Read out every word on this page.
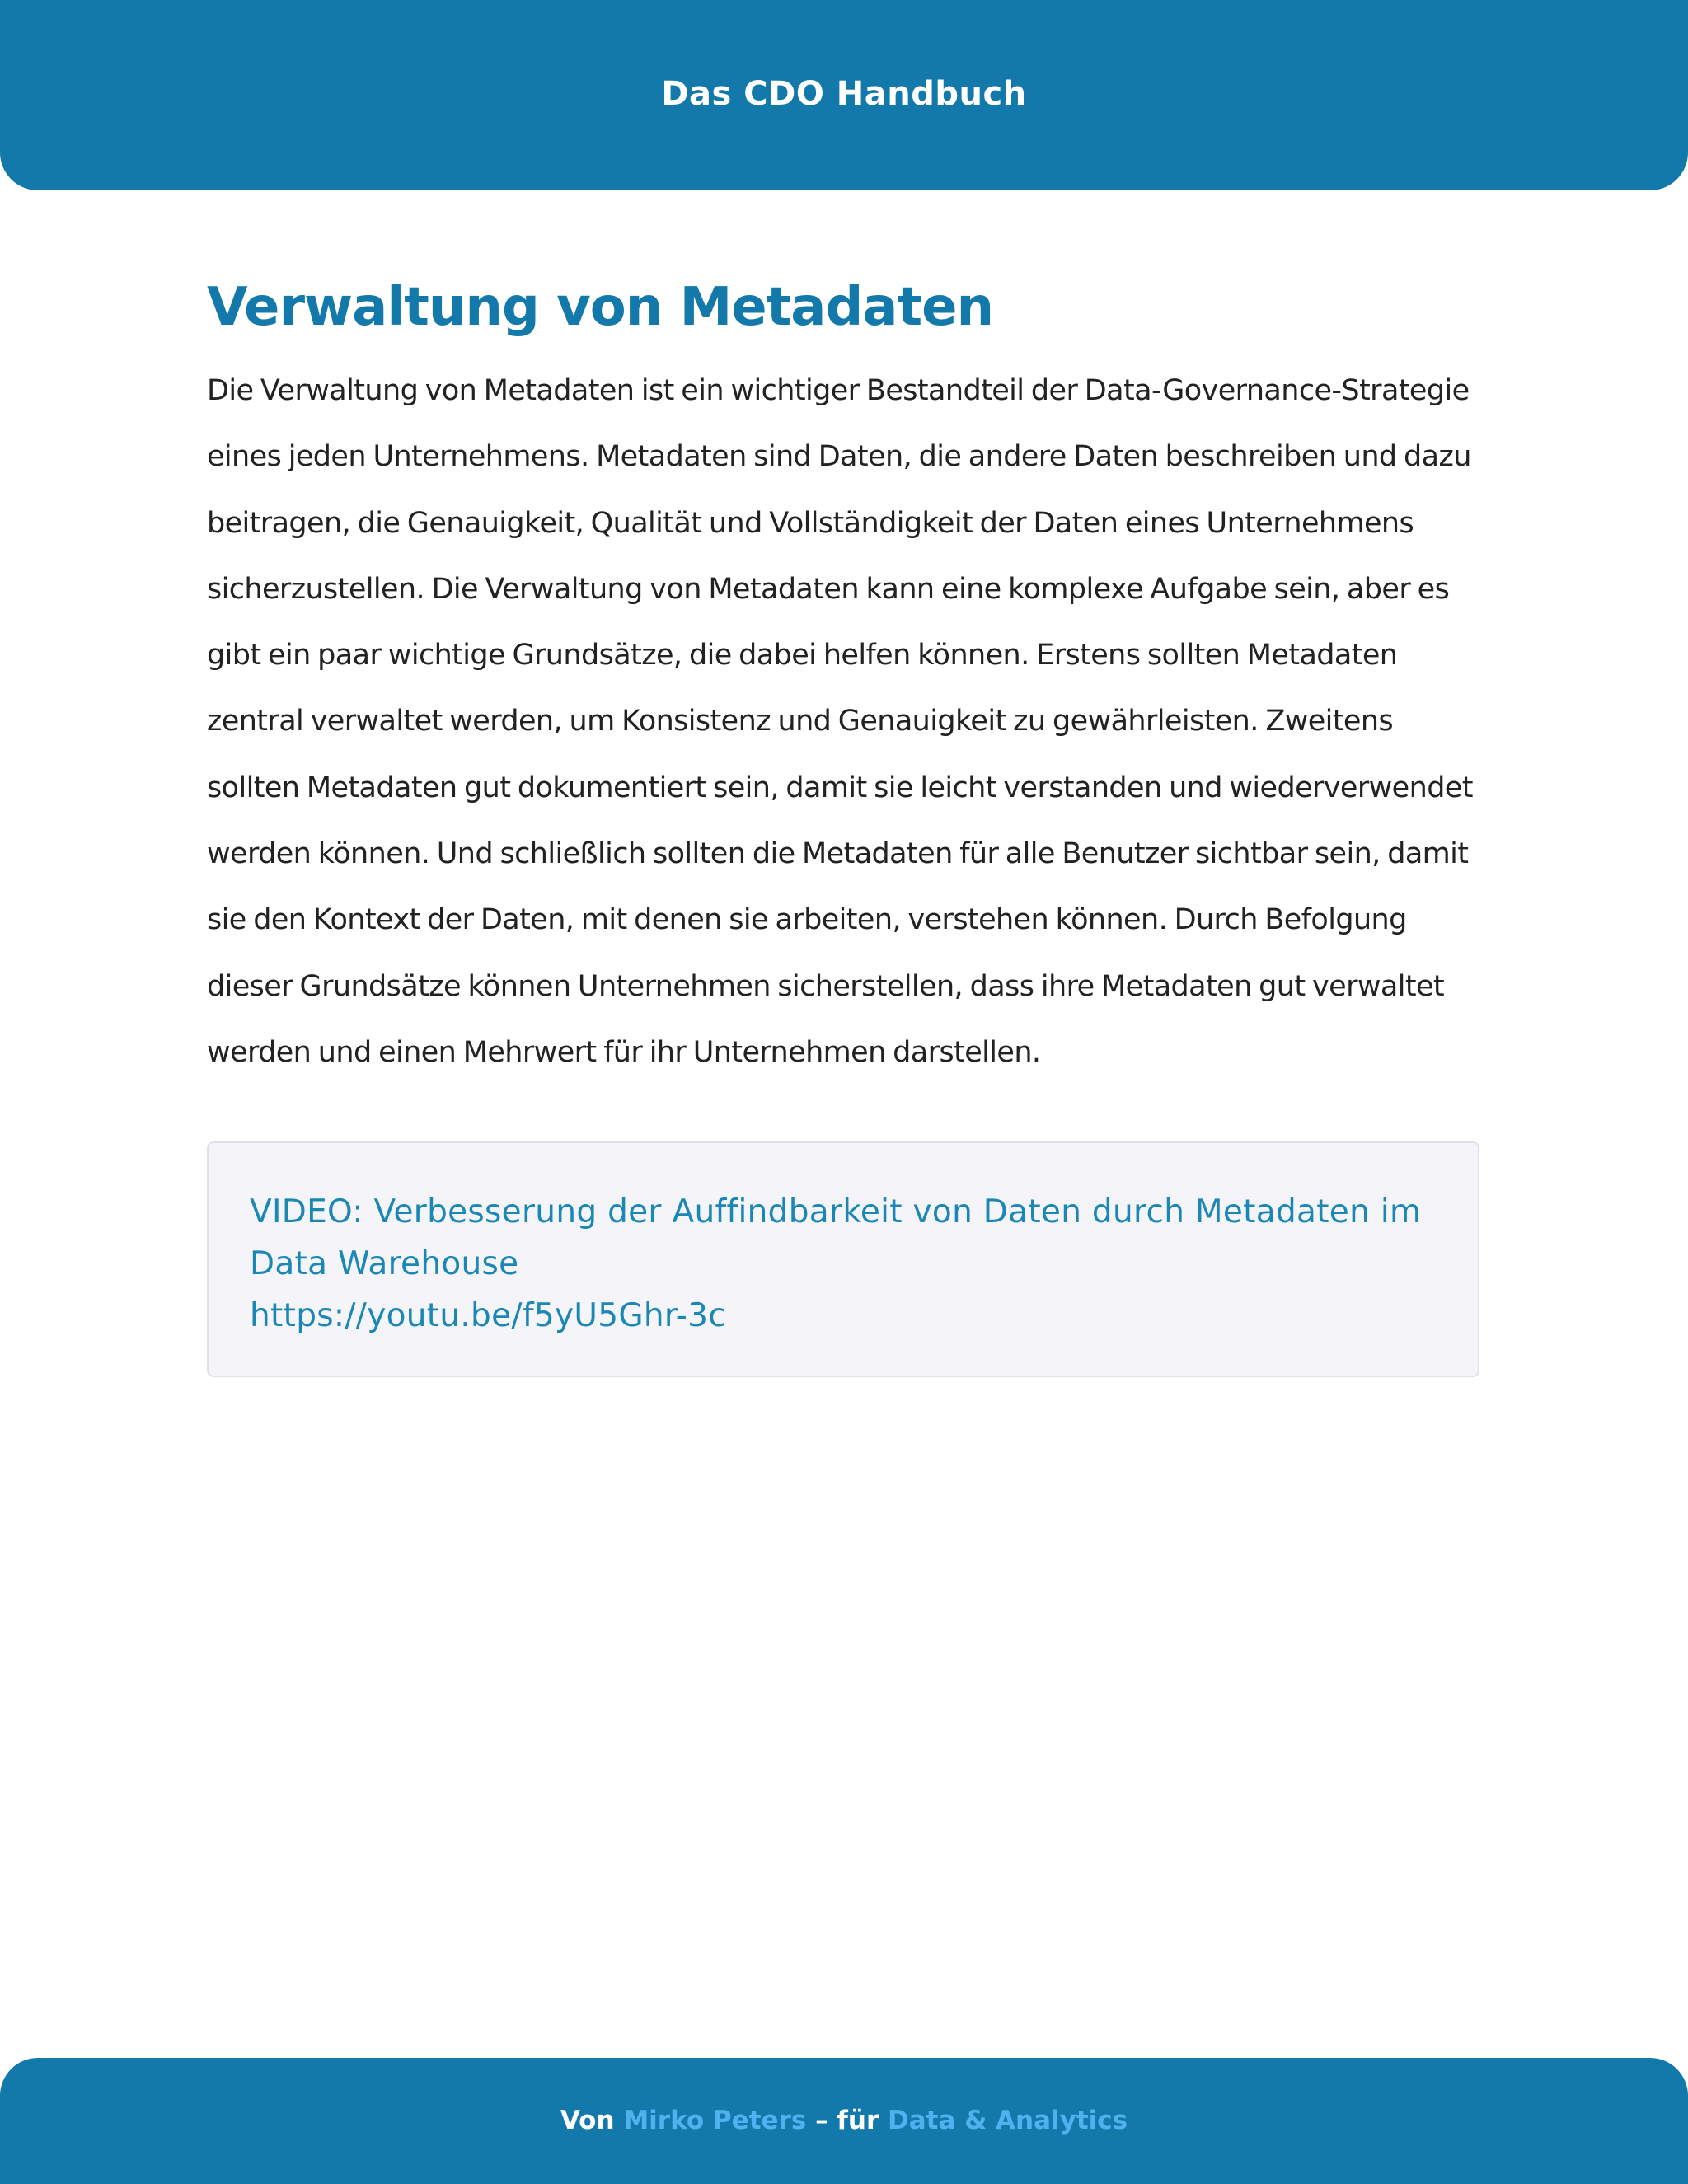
Das CDO Handbuch
Verwaltung von Metadaten

Die Verwaltung von Metadaten ist ein wichtiger Bestandteil der Data-Governance-Strategie eines jeden Unternehmens. Metadaten sind Daten, die andere Daten beschreiben und dazu beitragen, die Genauigkeit, Qualität und Vollständigkeit der Daten eines Unternehmens sicherzustellen. Die Verwaltung von Metadaten kann eine komplexe Aufgabe sein, aber es gibt ein paar wichtige Grundsätze, die dabei helfen können. Erstens sollten Metadaten zentral verwaltet werden, um Konsistenz und Genauigkeit zu gewährleisten. Zweitens sollten Metadaten gut dokumentiert sein, damit sie leicht verstanden und wiederverwendet werden können. Und schließlich sollten die Metadaten für alle Benutzer sichtbar sein, damit sie den Kontext der Daten, mit denen sie arbeiten, verstehen können. Durch Befolgung dieser Grundsätze können Unternehmen sicherstellen, dass ihre Metadaten gut verwaltet werden und einen Mehrwert für ihr Unternehmen darstellen.

VIDEO: Verbesserung der Auffindbarkeit von Daten durch Metadaten im Data Warehouse
https://youtu.be/f5yU5Ghr-3c
Von Mirko Peters – für Data & Analytics
